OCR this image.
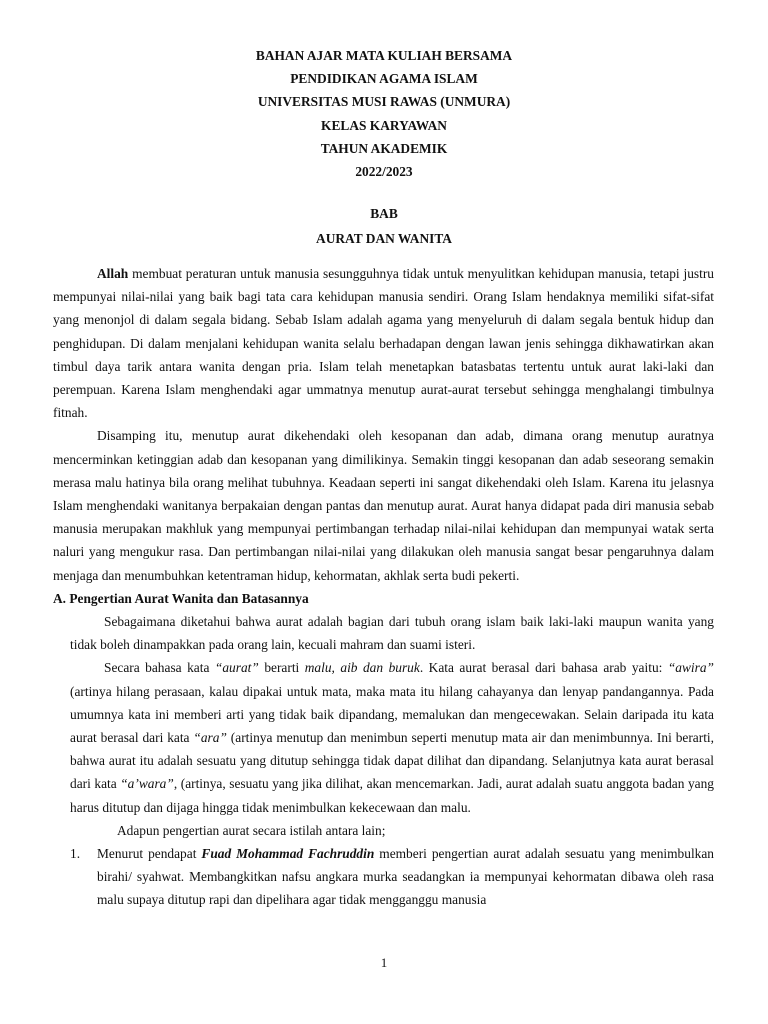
BAHAN AJAR MATA KULIAH BERSAMA
PENDIDIKAN AGAMA ISLAM
UNIVERSITAS MUSI RAWAS (UNMURA)
KELAS KARYAWAN
TAHUN AKADEMIK
2022/2023
BAB
AURAT DAN WANITA

Allah membuat peraturan untuk manusia sesungguhnya tidak untuk menyulitkan kehidupan manusia, tetapi justru mempunyai nilai-nilai yang baik bagi tata cara kehidupan manusia sendiri. Orang Islam hendaknya memiliki sifat-sifat yang menonjol di dalam segala bidang. Sebab Islam adalah agama yang menyeluruh di dalam segala bentuk hidup dan penghidupan. Di dalam menjalani kehidupan wanita selalu berhadapan dengan lawan jenis sehingga dikhawatirkan akan timbul daya tarik antara wanita dengan pria. Islam telah menetapkan batasbatas tertentu untuk aurat laki-laki dan perempuan. Karena Islam menghendaki agar ummatnya menutup aurat-aurat tersebut sehingga menghalangi timbulnya fitnah.

Disamping itu, menutup aurat dikehendaki oleh kesopanan dan adab, dimana orang menutup auratnya mencerminkan ketinggian adab dan kesopanan yang dimilikinya. Semakin tinggi kesopanan dan adab seseorang semakin merasa malu hatinya bila orang melihat tubuhnya. Keadaan seperti ini sangat dikehendaki oleh Islam. Karena itu jelasnya Islam menghendaki wanitanya berpakaian dengan pantas dan menutup aurat. Aurat hanya didapat pada diri manusia sebab manusia merupakan makhluk yang mempunyai pertimbangan terhadap nilai-nilai kehidupan dan mempunyai watak serta naluri yang mengukur rasa. Dan pertimbangan nilai-nilai yang dilakukan oleh manusia sangat besar pengaruhnya dalam menjaga dan menumbuhkan ketentraman hidup, kehormatan, akhlak serta budi pekerti.

A. Pengertian Aurat Wanita dan Batasannya

Sebagaimana diketahui bahwa aurat adalah bagian dari tubuh orang islam baik laki-laki maupun wanita yang tidak boleh dinampakkan pada orang lain, kecuali mahram dan suami isteri.

Secara bahasa kata “aurat” berarti malu, aib dan buruk. Kata aurat berasal dari bahasa arab yaitu: “awira” (artinya hilang perasaan, kalau dipakai untuk mata, maka mata itu hilang cahayanya dan lenyap pandangannya. Pada umumnya kata ini memberi arti yang tidak baik dipandang, memalukan dan mengecewakan. Selain daripada itu kata aurat berasal dari kata “ara” (artinya menutup dan menimbun seperti menutup mata air dan menimbunnya. Ini berarti, bahwa aurat itu adalah sesuatu yang ditutup sehingga tidak dapat dilihat dan dipandang. Selanjutnya kata aurat berasal dari kata “a’wara”, (artinya, sesuatu yang jika dilihat, akan mencemarkan. Jadi, aurat adalah suatu anggota badan yang harus ditutup dan dijaga hingga tidak menimbulkan kekecewaan dan malu.

Adapun pengertian aurat secara istilah antara lain;

1. Menurut pendapat Fuad Mohammad Fachruddin memberi pengertian aurat adalah sesuatu yang menimbulkan birahi/ syahwat. Membangkitkan nafsu angkara murka seadangkan ia mempunyai kehormatan dibawa oleh rasa malu supaya ditutup rapi dan dipelihara agar tidak mengganggu manusia
1
